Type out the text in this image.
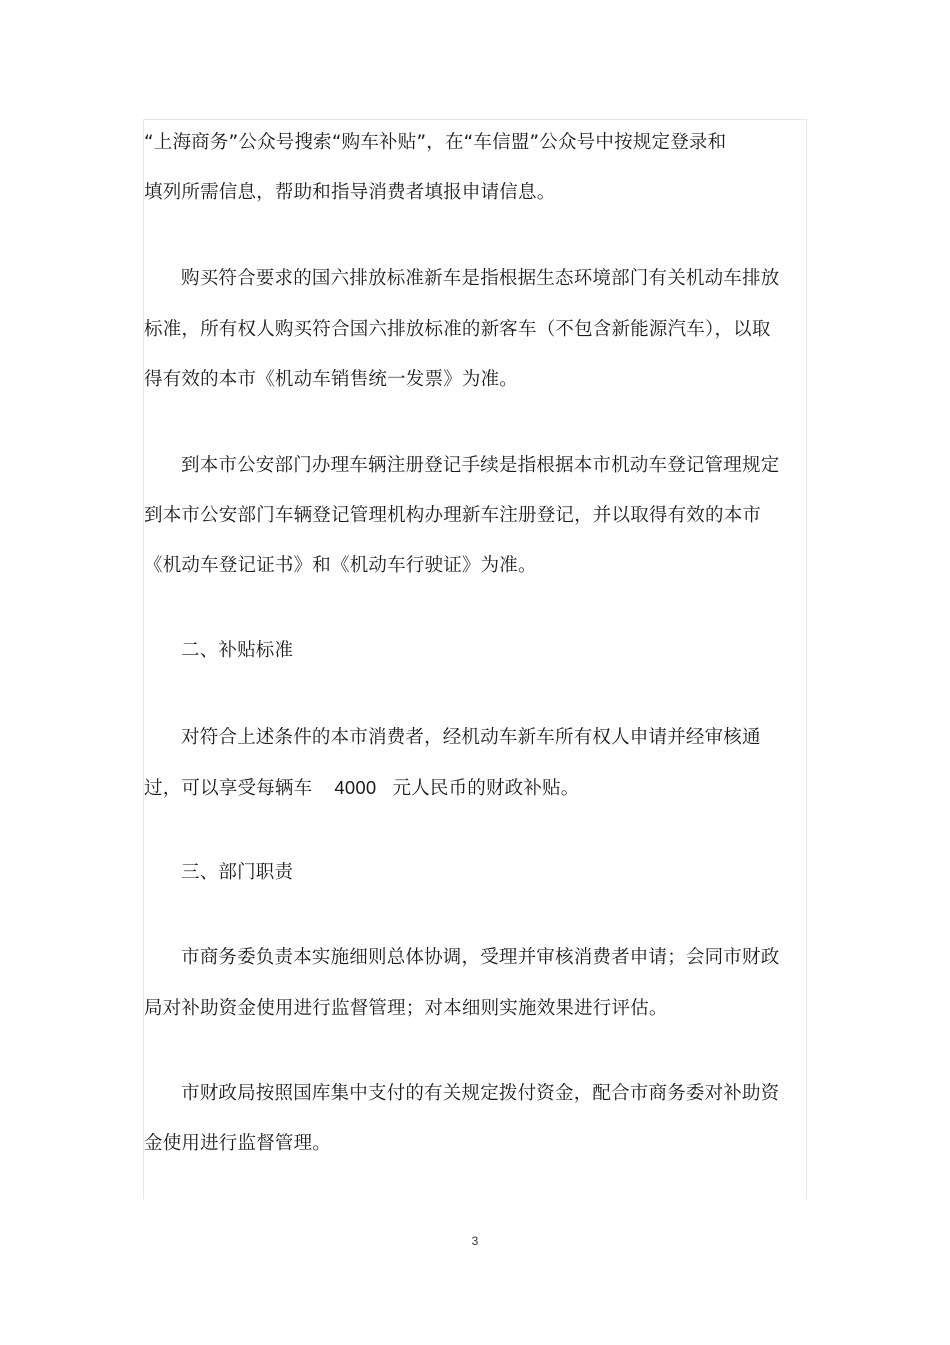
“上海商务”公众号搜索“购车补贴”，在“车信盟”公众号中按规定登录和
填列所需信息，帮助和指导消费者填报申请信息。
购买符合要求的国六排放标准新车是指根据生态环境部门有关机动车排放
标准，所有权人购买符合国六排放标准的新客车（不包含新能源汽车），以取
得有效的本市《机动车销售统一发票》为准。
到本市公安部门办理车辆注册登记手续是指根据本市机动车登记管理规定
到本市公安部门车辆登记管理机构办理新车注册登记，并以取得有效的本市
《机动车登记证书》和《机动车行驶证》为准。
二、补贴标准
对符合上述条件的本市消费者，经机动车新车所有权人申请并经审核通
过，可以享受每辆车 4000 元人民币的财政补贴。
三、部门职责
市商务委负责本实施细则总体协调，受理并审核消费者申请；会同市财政
局对补助资金使用进行监督管理；对本细则实施效果进行评估。
市财政局按照国库集中支付的有关规定拨付资金，配合市商务委对补助资
金使用进行监督管理。
3
